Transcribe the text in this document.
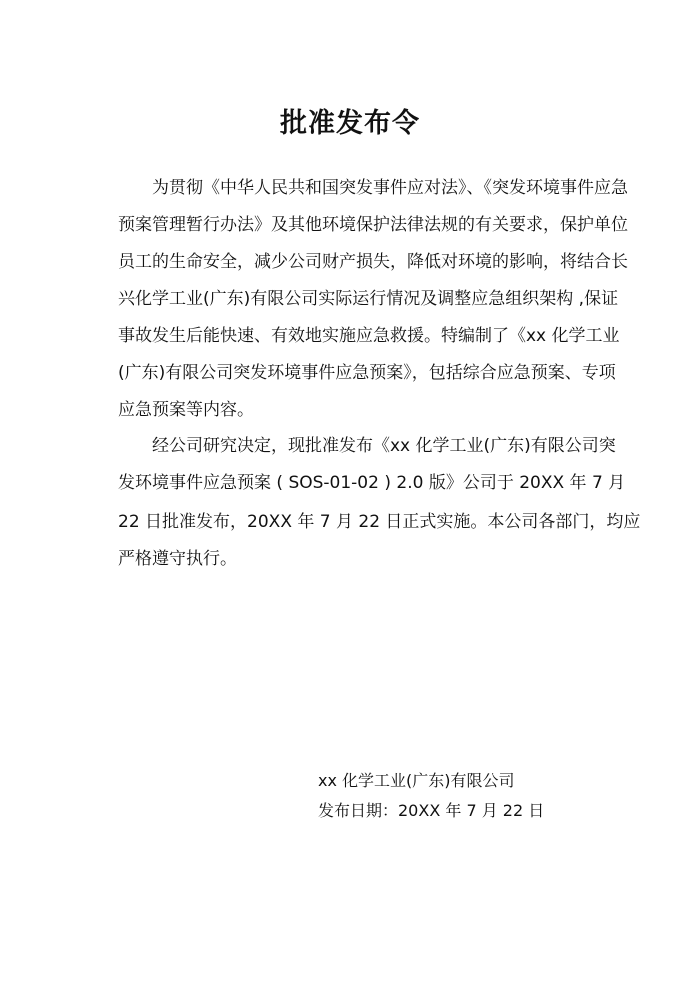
批准发布令
为贯彻《中华人民共和国突发事件应对法》、《突发环境事件应急
预案管理暂行办法》及其他环境保护法律法规的有关要求，保护单位
员工的生命安全，减少公司财产损失，降低对环境的影响，将结合长
兴化学工业(广东)有限公司实际运行情况及调整应急组织架构 ,保证
事故发生后能快速、有效地实施应急救援。特编制了《xx 化学工业
(广东)有限公司突发环境事件应急预案》，包括综合应急预案、专项
应急预案等内容。
经公司研究决定，现批准发布《xx 化学工业(广东)有限公司突
发环境事件应急预案 ( SOS-01-02 ) 2.0 版》公司于 20XX 年 7 月
22 日批准发布，20XX 年 7 月 22 日正式实施。本公司各部门，均应
严格遵守执行。
xx 化学工业(广东)有限公司
发布日期：20XX 年 7 月 22 日
